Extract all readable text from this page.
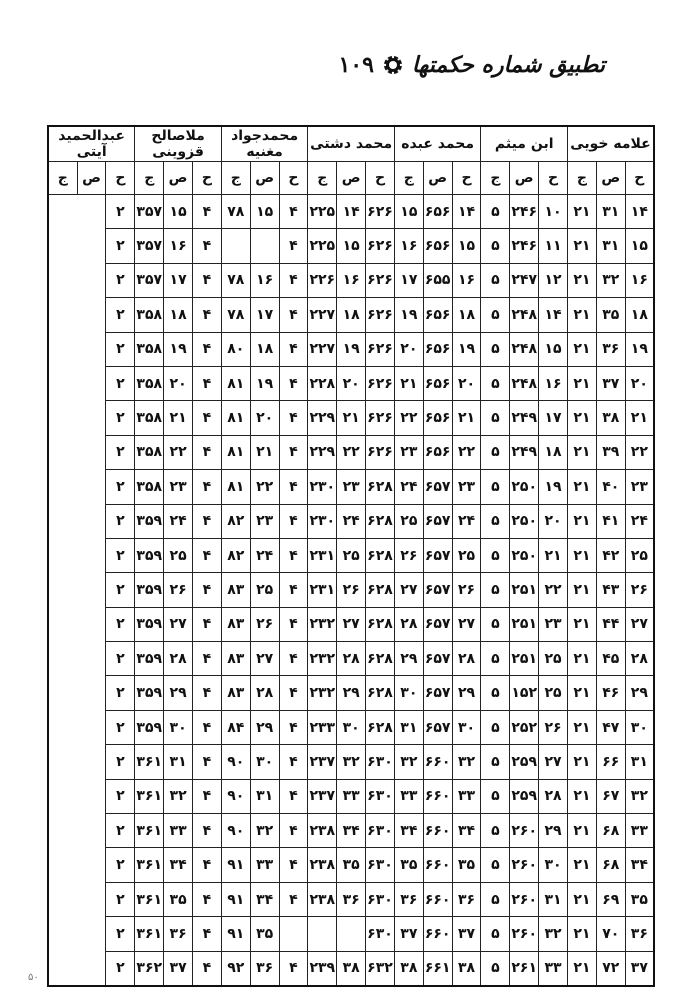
تطبیق شماره حکمتها
۱۰۹
علامه خویی			ابن میثم			محمد عبده			محمد دشتی			محمدجواد مغنیه			ملاصالح قزوینی			عبدالحمید آیتی		
ح	ص	ج	ح	ص	ج	ح	ص	ج	ح	ص	ج	ح	ص	ج	ح	ص	ج	ح	ص	ج
۱۴	۳۱	۲۱	۱۰	۲۴۶	۵	۱۴	۶۵۶	۱۵	۶۲۶	۱۴	۲۲۵	۴	۱۵	۷۸	۴	۱۵	۳۵۷	۲		
۱۵	۳۱	۲۱	۱۱	۲۴۶	۵	۱۵	۶۵۶	۱۶	۶۲۶	۱۵	۲۲۵	۴			۴	۱۶	۳۵۷	۲		
۱۶	۳۲	۲۱	۱۲	۲۴۷	۵	۱۶	۶۵۵	۱۷	۶۲۶	۱۶	۲۲۶	۴	۱۶	۷۸	۴	۱۷	۳۵۷	۲		
۱۸	۳۵	۲۱	۱۴	۲۴۸	۵	۱۸	۶۵۶	۱۹	۶۲۶	۱۸	۲۲۷	۴	۱۷	۷۸	۴	۱۸	۳۵۸	۲		
۱۹	۳۶	۲۱	۱۵	۲۴۸	۵	۱۹	۶۵۶	۲۰	۶۲۶	۱۹	۲۲۷	۴	۱۸	۸۰	۴	۱۹	۳۵۸	۲		
۲۰	۳۷	۲۱	۱۶	۲۴۸	۵	۲۰	۶۵۶	۲۱	۶۲۶	۲۰	۲۲۸	۴	۱۹	۸۱	۴	۲۰	۳۵۸	۲		
۲۱	۳۸	۲۱	۱۷	۲۴۹	۵	۲۱	۶۵۶	۲۲	۶۲۶	۲۱	۲۲۹	۴	۲۰	۸۱	۴	۲۱	۳۵۸	۲		
۲۲	۳۹	۲۱	۱۸	۲۴۹	۵	۲۲	۶۵۶	۲۳	۶۲۶	۲۲	۲۲۹	۴	۲۱	۸۱	۴	۲۲	۳۵۸	۲		
۲۳	۴۰	۲۱	۱۹	۲۵۰	۵	۲۳	۶۵۷	۲۴	۶۲۸	۲۳	۲۳۰	۴	۲۲	۸۱	۴	۲۳	۳۵۸	۲		
۲۴	۴۱	۲۱	۲۰	۲۵۰	۵	۲۴	۶۵۷	۲۵	۶۲۸	۲۴	۲۳۰	۴	۲۳	۸۲	۴	۲۴	۳۵۹	۲		
۲۵	۴۲	۲۱	۲۱	۲۵۰	۵	۲۵	۶۵۷	۲۶	۶۲۸	۲۵	۲۳۱	۴	۲۴	۸۲	۴	۲۵	۳۵۹	۲		
۲۶	۴۳	۲۱	۲۲	۲۵۱	۵	۲۶	۶۵۷	۲۷	۶۲۸	۲۶	۲۳۱	۴	۲۵	۸۳	۴	۲۶	۳۵۹	۲		
۲۷	۴۴	۲۱	۲۳	۲۵۱	۵	۲۷	۶۵۷	۲۸	۶۲۸	۲۷	۲۳۲	۴	۲۶	۸۳	۴	۲۷	۳۵۹	۲		
۲۸	۴۵	۲۱	۲۵	۲۵۱	۵	۲۸	۶۵۷	۲۹	۶۲۸	۲۸	۲۳۲	۴	۲۷	۸۳	۴	۲۸	۳۵۹	۲		
۲۹	۴۶	۲۱	۲۵	۱۵۲	۵	۲۹	۶۵۷	۳۰	۶۲۸	۲۹	۲۳۲	۴	۲۸	۸۳	۴	۲۹	۳۵۹	۲		
۳۰	۴۷	۲۱	۲۶	۲۵۲	۵	۳۰	۶۵۷	۳۱	۶۲۸	۳۰	۲۳۳	۴	۲۹	۸۴	۴	۳۰	۳۵۹	۲		
۳۱	۶۶	۲۱	۲۷	۲۵۹	۵	۳۲	۶۶۰	۳۲	۶۳۰	۳۲	۲۳۷	۴	۳۰	۹۰	۴	۳۱	۳۶۱	۲		
۳۲	۶۷	۲۱	۲۸	۲۵۹	۵	۳۳	۶۶۰	۳۳	۶۳۰	۳۳	۲۳۷	۴	۳۱	۹۰	۴	۳۲	۳۶۱	۲		
۳۳	۶۸	۲۱	۲۹	۲۶۰	۵	۳۴	۶۶۰	۳۴	۶۳۰	۳۴	۲۳۸	۴	۳۲	۹۰	۴	۳۳	۳۶۱	۲		
۳۴	۶۸	۲۱	۳۰	۲۶۰	۵	۳۵	۶۶۰	۳۵	۶۳۰	۳۵	۲۳۸	۴	۳۳	۹۱	۴	۳۴	۳۶۱	۲		
۳۵	۶۹	۲۱	۳۱	۲۶۰	۵	۳۶	۶۶۰	۳۶	۶۳۰	۳۶	۲۳۸	۴	۳۴	۹۱	۴	۳۵	۳۶۱	۲		
۳۶	۷۰	۲۱	۳۲	۲۶۰	۵	۳۷	۶۶۰	۳۷	۶۳۰				۳۵	۹۱	۴	۳۶	۳۶۱	۲		
۳۷	۷۲	۲۱	۳۳	۲۶۱	۵	۳۸	۶۶۱	۳۸	۶۳۲	۳۸	۲۳۹	۴	۳۶	۹۲	۴	۳۷	۳۶۲	۲		
۵۰
